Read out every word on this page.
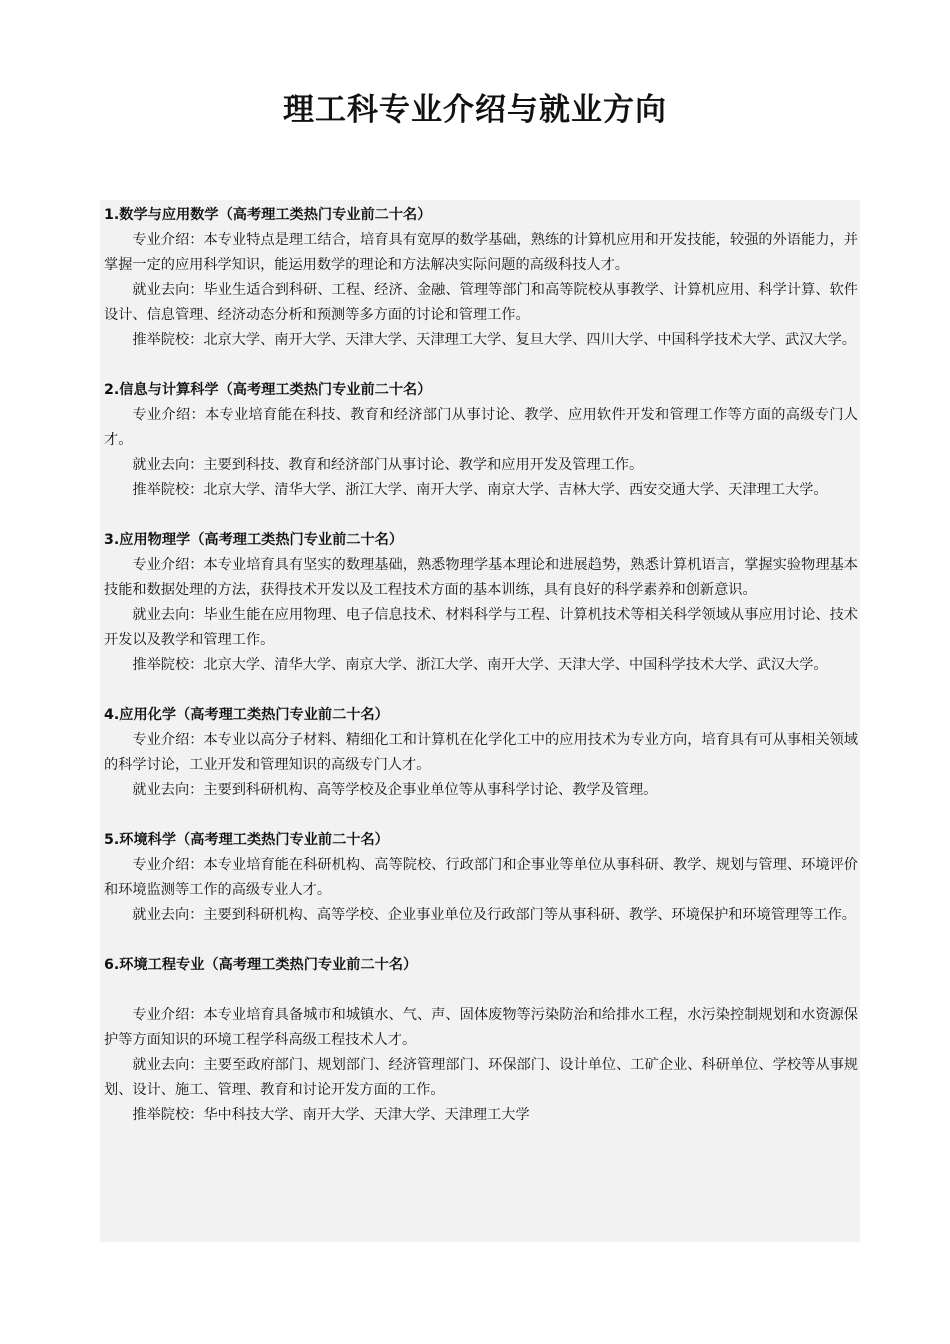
理工科专业介绍与就业方向

1.数学与应用数学（高考理工类热门专业前二十名）

专业介绍：本专业特点是理工结合，培育具有宽厚的数学基础，熟练的计算机应用和开发技能，较强的外语能力，并掌握一定的应用科学知识，能运用数学的理论和方法解决实际问题的高级科技人才。

就业去向：毕业生适合到科研、工程、经济、金融、管理等部门和高等院校从事教学、计算机应用、科学计算、软件设计、信息管理、经济动态分析和预测等多方面的讨论和管理工作。

推举院校：北京大学、南开大学、天津大学、天津理工大学、复旦大学、四川大学、中国科学技术大学、武汉大学。

2.信息与计算科学（高考理工类热门专业前二十名）

专业介绍：本专业培育能在科技、教育和经济部门从事讨论、教学、应用软件开发和管理工作等方面的高级专门人才。

就业去向：主要到科技、教育和经济部门从事讨论、教学和应用开发及管理工作。

推举院校：北京大学、清华大学、浙江大学、南开大学、南京大学、吉林大学、西安交通大学、天津理工大学。

3.应用物理学（高考理工类热门专业前二十名）

专业介绍：本专业培育具有坚实的数理基础，熟悉物理学基本理论和进展趋势，熟悉计算机语言，掌握实验物理基本技能和数据处理的方法，获得技术开发以及工程技术方面的基本训练，具有良好的科学素养和创新意识。

就业去向：毕业生能在应用物理、电子信息技术、材料科学与工程、计算机技术等相关科学领域从事应用讨论、技术开发以及教学和管理工作。

推举院校：北京大学、清华大学、南京大学、浙江大学、南开大学、天津大学、中国科学技术大学、武汉大学。

4.应用化学（高考理工类热门专业前二十名）

专业介绍：本专业以高分子材料、精细化工和计算机在化学化工中的应用技术为专业方向，培育具有可从事相关领域的科学讨论，工业开发和管理知识的高级专门人才。

就业去向：主要到科研机构、高等学校及企事业单位等从事科学讨论、教学及管理。

5.环境科学（高考理工类热门专业前二十名）

专业介绍：本专业培育能在科研机构、高等院校、行政部门和企事业等单位从事科研、教学、规划与管理、环境评价和环境监测等工作的高级专业人才。

就业去向：主要到科研机构、高等学校、企业事业单位及行政部门等从事科研、教学、环境保护和环境管理等工作。

6.环境工程专业（高考理工类热门专业前二十名）

专业介绍：本专业培育具备城市和城镇水、气、声、固体废物等污染防治和给排水工程，水污染控制规划和水资源保护等方面知识的环境工程学科高级工程技术人才。

就业去向：主要至政府部门、规划部门、经济管理部门、环保部门、设计单位、工矿企业、科研单位、学校等从事规划、设计、施工、管理、教育和讨论开发方面的工作。

推举院校：华中科技大学、南开大学、天津大学、天津理工大学
